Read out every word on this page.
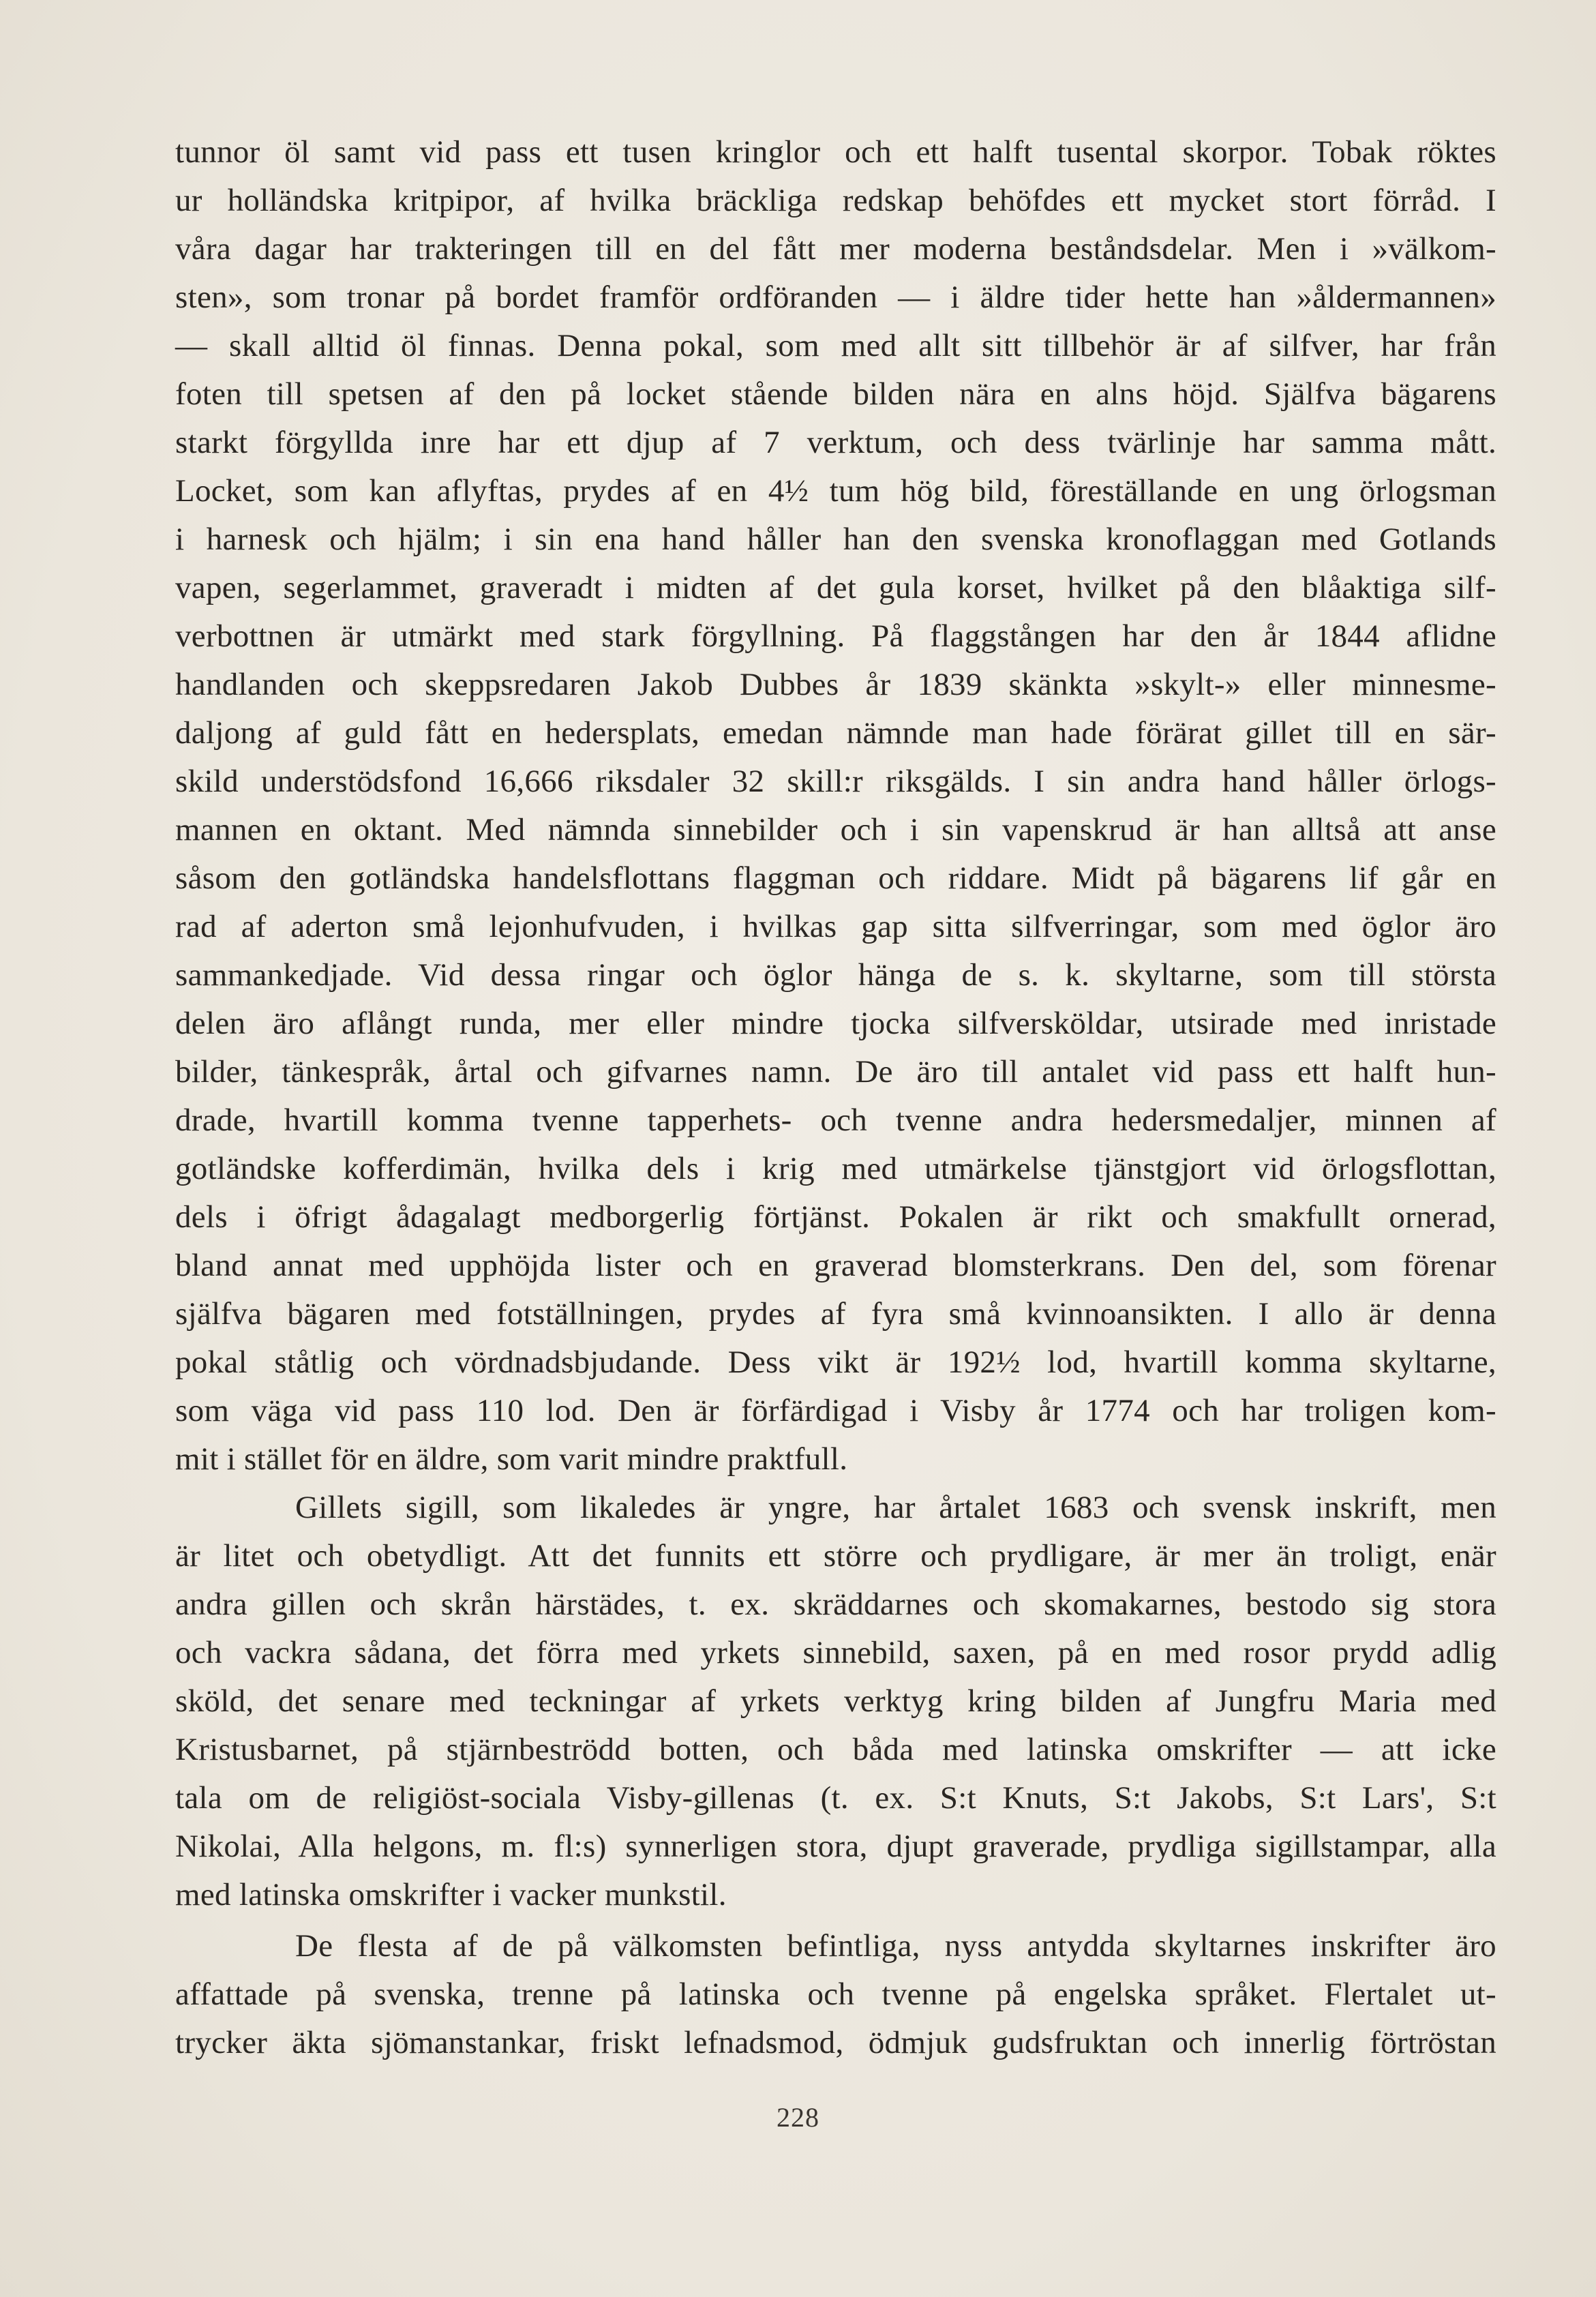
tunnor öl samt vid pass ett tusen kringlor och ett halft tusental skorpor. Tobak röktes
ur holländska kritpipor, af hvilka bräckliga redskap behöfdes ett mycket stort förråd. I
våra dagar har trakteringen till en del fått mer moderna beståndsdelar. Men i »välkom-
sten», som tronar på bordet framför ordföranden — i äldre tider hette han »åldermannen»
— skall alltid öl finnas. Denna pokal, som med allt sitt tillbehör är af silfver, har från
foten till spetsen af den på locket stående bilden nära en alns höjd. Själfva bägarens
starkt förgyllda inre har ett djup af 7 verktum, och dess tvärlinje har samma mått.
Locket, som kan aflyftas, prydes af en 4½ tum hög bild, föreställande en ung örlogsman
i harnesk och hjälm; i sin ena hand håller han den svenska kronoflaggan med Gotlands
vapen, segerlammet, graveradt i midten af det gula korset, hvilket på den blåaktiga silf-
verbottnen är utmärkt med stark förgyllning. På flaggstången har den år 1844 aflidne
handlanden och skeppsredaren Jakob Dubbes år 1839 skänkta »skylt-» eller minnesme-
daljong af guld fått en hedersplats, emedan nämnde man hade förärat gillet till en sär-
skild understödsfond 16,666 riksdaler 32 skill:r riksgälds. I sin andra hand håller örlogs-
mannen en oktant. Med nämnda sinnebilder och i sin vapenskrud är han alltså att anse
såsom den gotländska handelsflottans flaggman och riddare. Midt på bägarens lif går en
rad af aderton små lejonhufvuden, i hvilkas gap sitta silfverringar, som med öglor äro
sammankedjade. Vid dessa ringar och öglor hänga de s. k. skyltarne, som till största
delen äro aflångt runda, mer eller mindre tjocka silfversköldar, utsirade med inristade
bilder, tänkespråk, årtal och gifvarnes namn. De äro till antalet vid pass ett halft hun-
drade, hvartill komma tvenne tapperhets- och tvenne andra hedersmedaljer, minnen af
gotländske kofferdimän, hvilka dels i krig med utmärkelse tjänstgjort vid örlogsflottan,
dels i öfrigt ådagalagt medborgerlig förtjänst. Pokalen är rikt och smakfullt ornerad,
bland annat med upphöjda lister och en graverad blomsterkrans. Den del, som förenar
själfva bägaren med fotställningen, prydes af fyra små kvinnoansikten. I allo är denna
pokal ståtlig och vördnadsbjudande. Dess vikt är 192½ lod, hvartill komma skyltarne,
som väga vid pass 110 lod. Den är förfärdigad i Visby år 1774 och har troligen kom-
mit i stället för en äldre, som varit mindre praktfull.
Gillets sigill, som likaledes är yngre, har årtalet 1683 och svensk inskrift, men
är litet och obetydligt. Att det funnits ett större och prydligare, är mer än troligt, enär
andra gillen och skrån härstädes, t. ex. skräddarnes och skomakarnes, bestodo sig stora
och vackra sådana, det förra med yrkets sinnebild, saxen, på en med rosor prydd adlig
sköld, det senare med teckningar af yrkets verktyg kring bilden af Jungfru Maria med
Kristusbarnet, på stjärnbeströdd botten, och båda med latinska omskrifter — att icke
tala om de religiöst-sociala Visby-gillenas (t. ex. S:t Knuts, S:t Jakobs, S:t Lars', S:t
Nikolai, Alla helgons, m. fl:s) synnerligen stora, djupt graverade, prydliga sigillstampar, alla
med latinska omskrifter i vacker munkstil.
De flesta af de på välkomsten befintliga, nyss antydda skyltarnes inskrifter äro
affattade på svenska, trenne på latinska och tvenne på engelska språket. Flertalet ut-
trycker äkta sjömanstankar, friskt lefnadsmod, ödmjuk gudsfruktan och innerlig förtröstan
228
